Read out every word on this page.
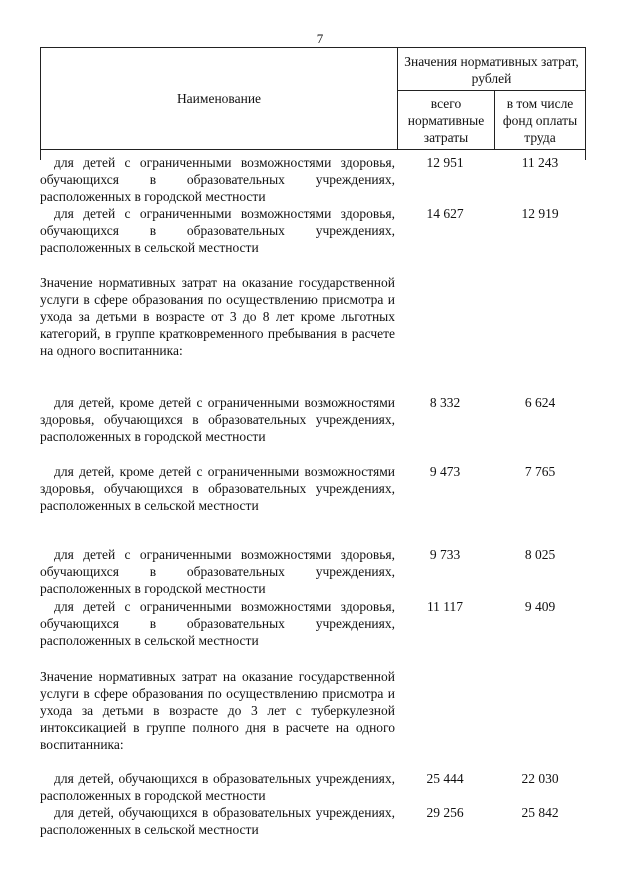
7
Наименование
Значения нормативных затрат, рублей
всего нормативные затраты
в том числе фонд оплаты труда
для детей с ограниченными возможностями здоровья, обучающихся в образовательных учреждениях, расположенных в городской местности
12 951	11 243
для детей с ограниченными возможностями здоровья, обучающихся в образовательных учреждениях, расположенных в сельской местности
14 627	12 919
Значение нормативных затрат на оказание государственной услуги в сфере образования по осуществлению присмотра и ухода за детьми в возрасте от 3 до 8 лет кроме льготных категорий, в группе кратковременного пребывания в расчете на одного воспитанника:
для детей, кроме детей с ограниченными возможностями здоровья, обучающихся в образовательных учреждениях, расположенных в городской местности
8 332	6 624
для детей, кроме детей с ограниченными возможностями здоровья, обучающихся в образовательных учреждениях, расположенных в сельской местности
9 473	7 765
для детей с ограниченными возможностями здоровья, обучающихся в образовательных учреждениях, расположенных в городской местности
9 733	8 025
для детей с ограниченными возможностями здоровья, обучающихся в образовательных учреждениях, расположенных в сельской местности
11 117	9 409
Значение нормативных затрат на оказание государственной услуги в сфере образования по осуществлению присмотра и ухода за детьми в возрасте до 3 лет с туберкулезной интоксикацией в группе полного дня в расчете на одного воспитанника:
для детей, обучающихся в образовательных учреждениях, расположенных в городской местности
25 444	22 030
для детей, обучающихся в образовательных учреждениях, расположенных в сельской местности
29 256	25 842
